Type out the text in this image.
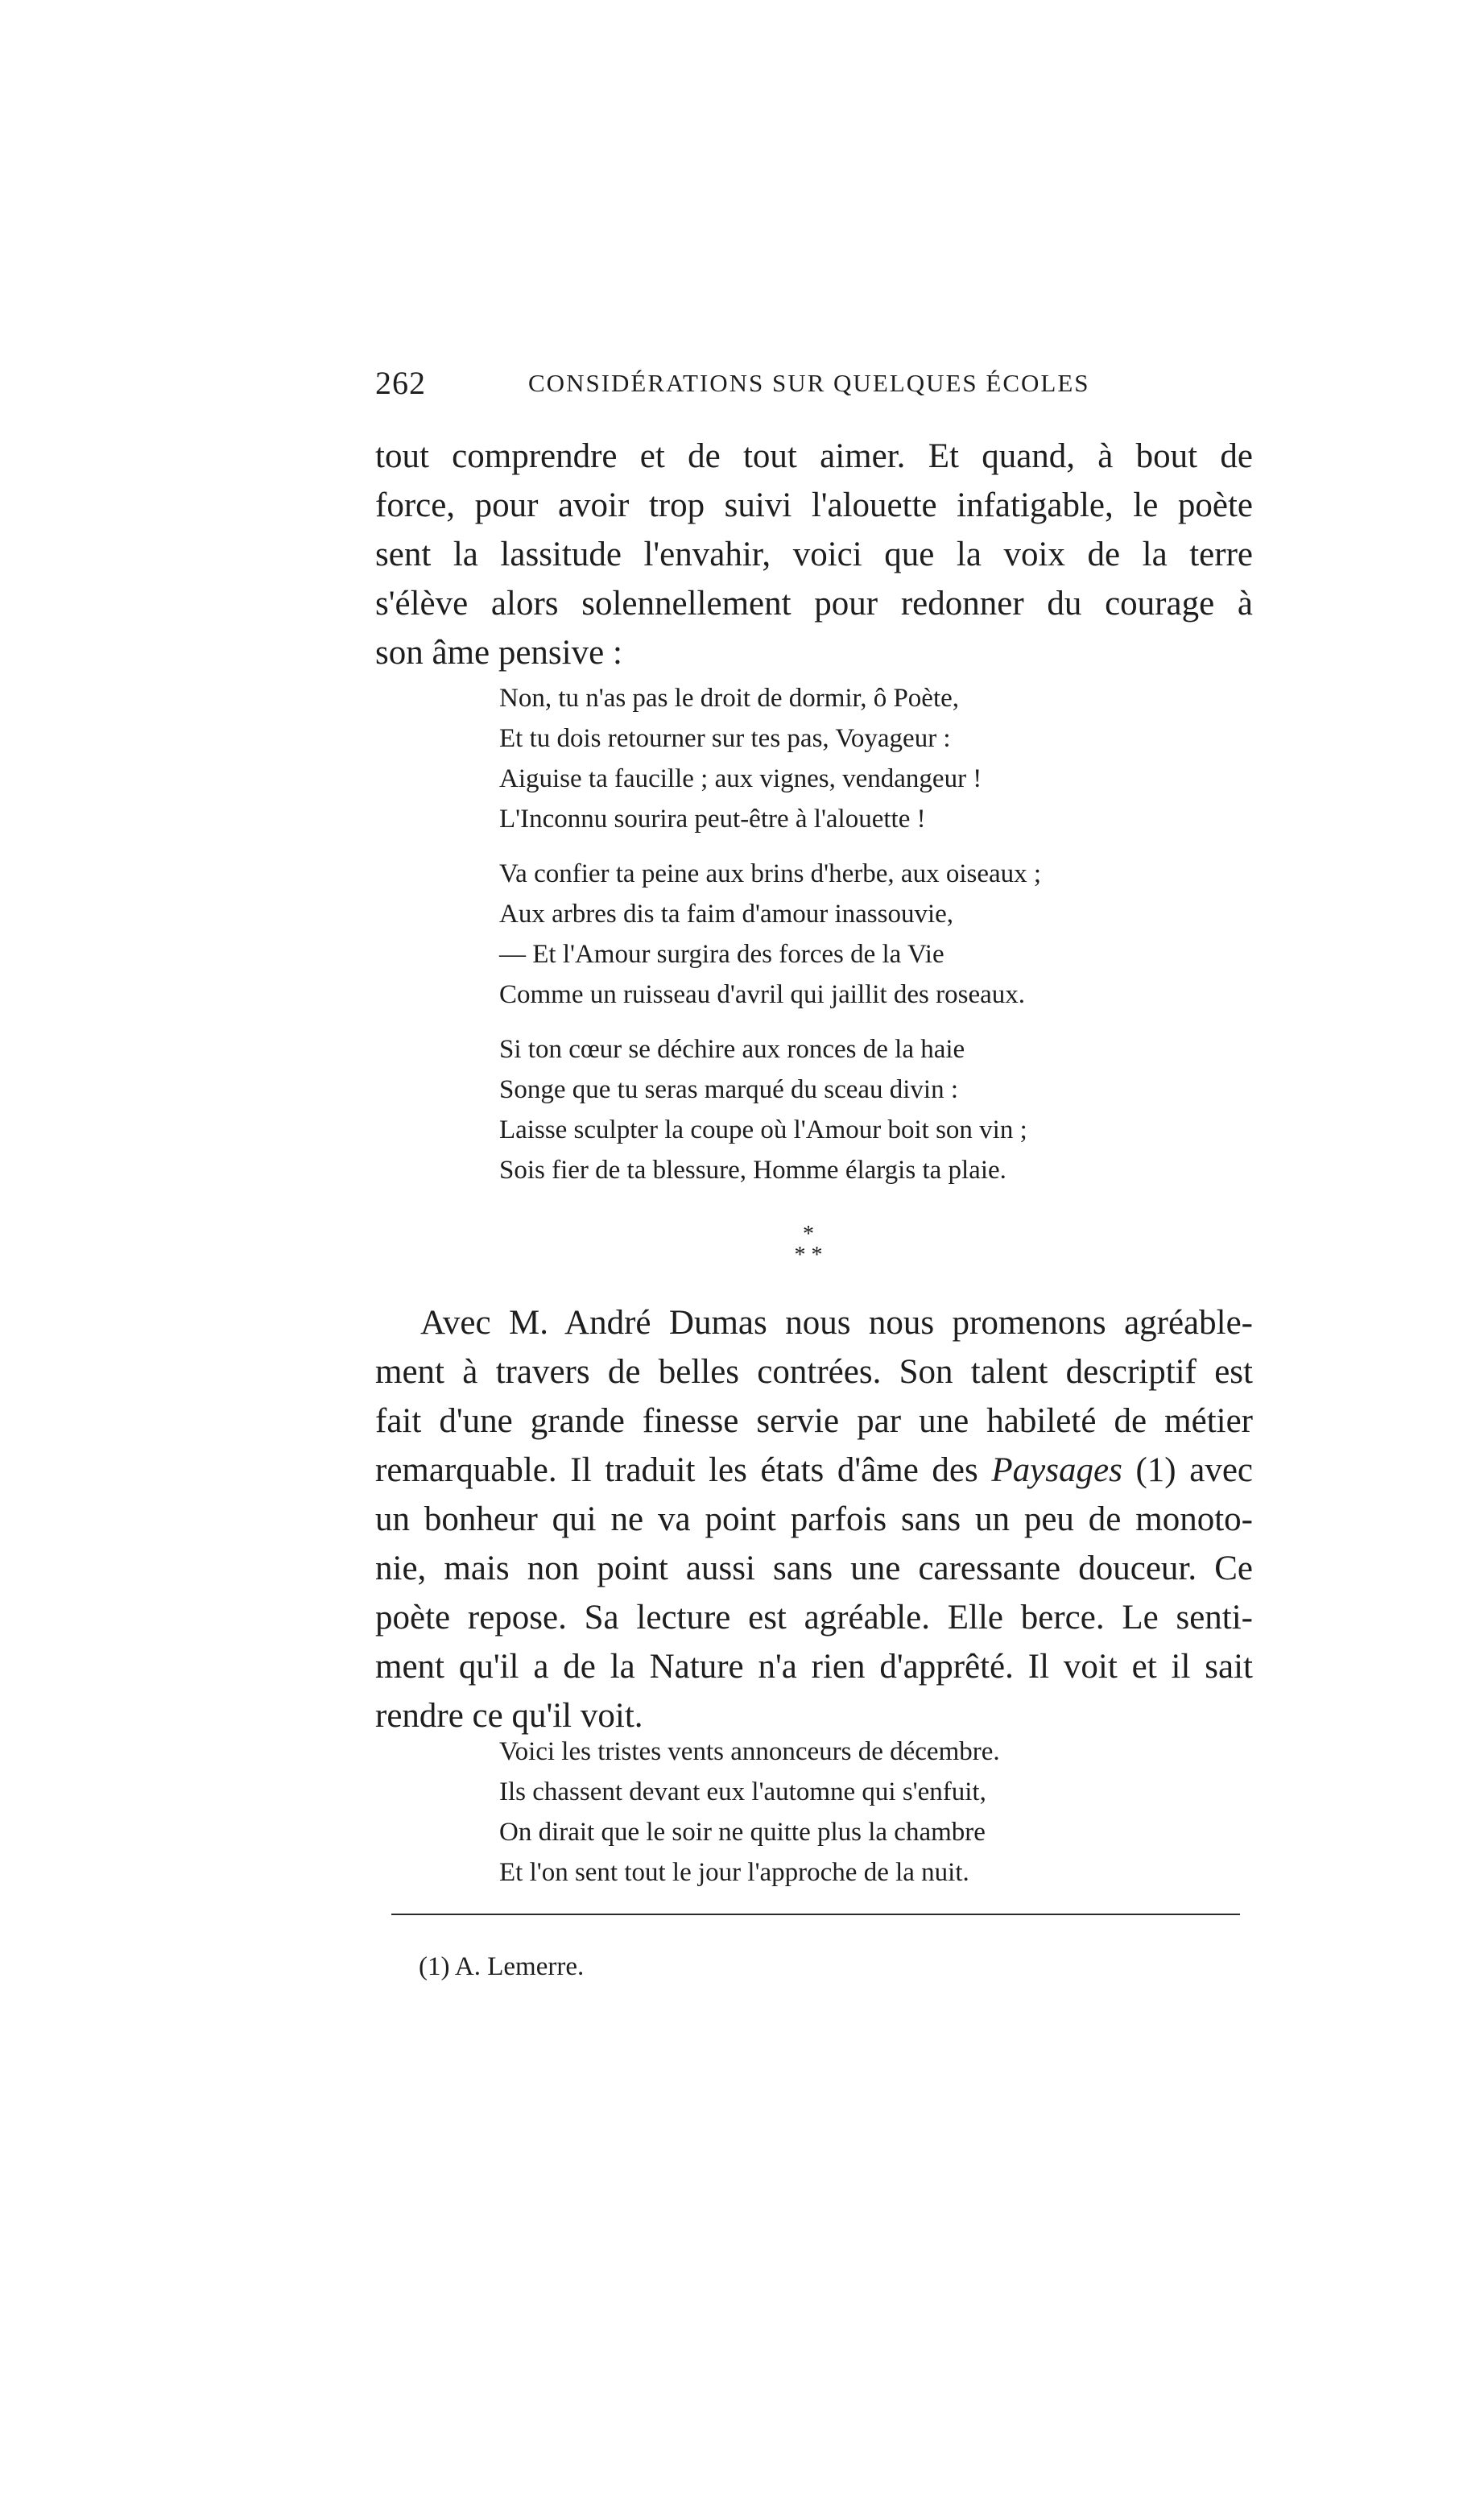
262	CONSIDÉRATIONS SUR QUELQUES ÉCOLES
tout comprendre et de tout aimer. Et quand, à bout de
force, pour avoir trop suivi l'alouette infatigable, le poète
sent la lassitude l'envahir, voici que la voix de la terre
s'élève alors solennellement pour redonner du courage à
son âme pensive :
Non, tu n'as pas le droit de dormir, ô Poète,
Et tu dois retourner sur tes pas, Voyageur :
Aiguise ta faucille ; aux vignes, vendangeur !
L'Inconnu sourira peut-être à l'alouette !
Va confier ta peine aux brins d'herbe, aux oiseaux ;
Aux arbres dis ta faim d'amour inassouvie,
— Et l'Amour surgira des forces de la Vie
Comme un ruisseau d'avril qui jaillit des roseaux.
Si ton cœur se déchire aux ronces de la haie
Songe que tu seras marqué du sceau divin :
Laisse sculpter la coupe où l'Amour boit son vin ;
Sois fier de ta blessure, Homme élargis ta plaie.
*
* *
Avec M. André Dumas nous nous promenons agréable-
ment à travers de belles contrées. Son talent descriptif est
fait d'une grande finesse servie par une habileté de métier
remarquable. Il traduit les états d'âme des Paysages (1) avec
un bonheur qui ne va point parfois sans un peu de monoto-
nie, mais non point aussi sans une caressante douceur. Ce
poète repose. Sa lecture est agréable. Elle berce. Le senti-
ment qu'il a de la Nature n'a rien d'apprêté. Il voit et il sait
rendre ce qu'il voit.
Voici les tristes vents annonceurs de décembre.
Ils chassent devant eux l'automne qui s'enfuit,
On dirait que le soir ne quitte plus la chambre
Et l'on sent tout le jour l'approche de la nuit.
(1) A. Lemerre.
